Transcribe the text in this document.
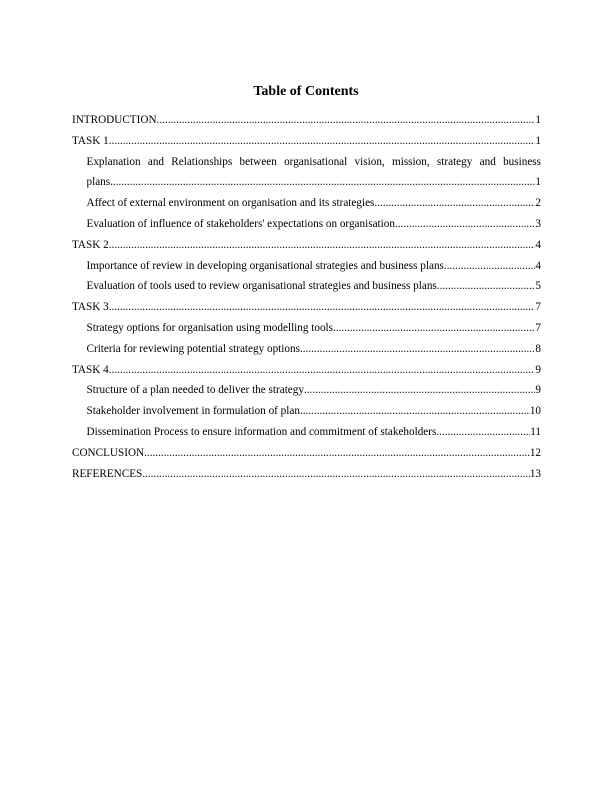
Table of Contents
INTRODUCTION .....	1
TASK 1 .....	1
Explanation and Relationships between organisational vision, mission, strategy and business
plans .....	1
Affect of external environment on organisation and its strategies .....	2
Evaluation of influence of stakeholders' expectations on organisation .....	3
TASK 2 .....	4
Importance of review in developing organisational strategies and business plans .....	4
Evaluation of tools used to review organisational strategies and business plans .....	5
TASK 3 .....	7
Strategy options for organisation using modelling tools .....	7
Criteria for reviewing potential strategy options .....	8
TASK 4 .....	9
Structure of a plan needed to deliver the strategy .....	9
Stakeholder involvement in formulation of plan .....	10
Dissemination Process to ensure information and commitment of stakeholders .....	11
CONCLUSION .....	12
REFERENCES .....	13
